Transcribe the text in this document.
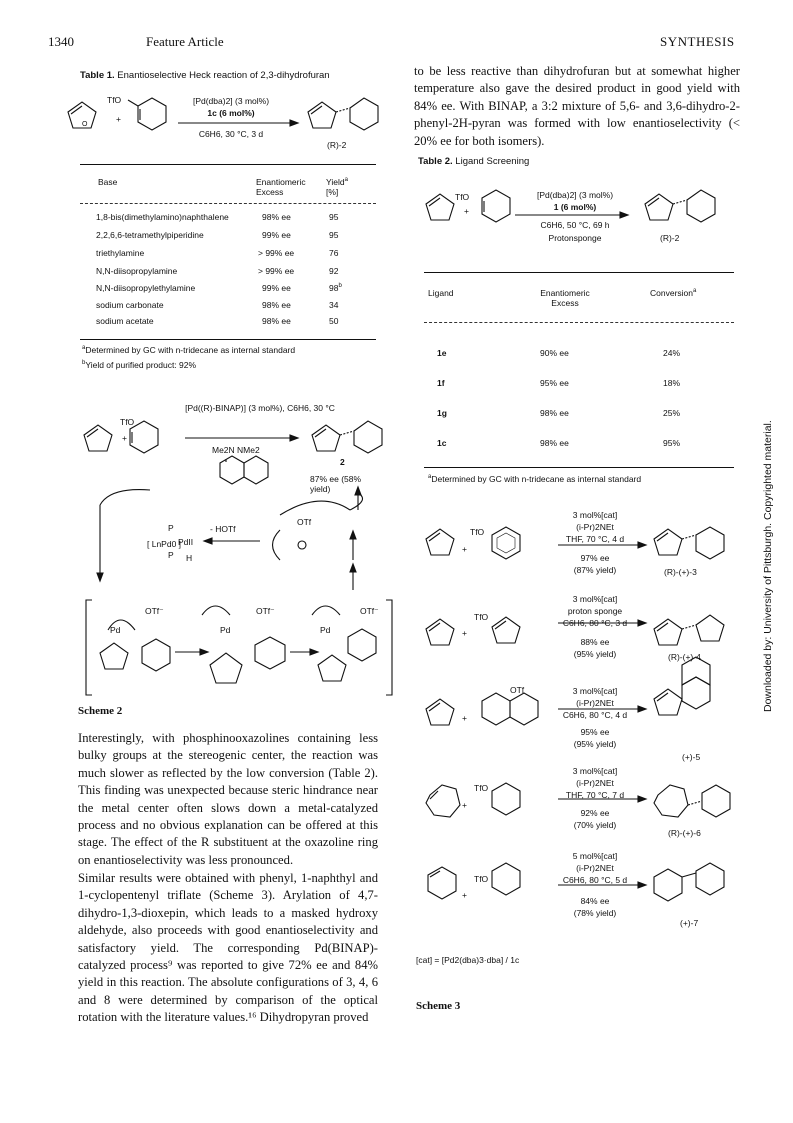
1340	Feature Article	SYNTHESIS
Table 1. Enantioselective Heck reaction of 2,3-dihydrofuran
O
TfO
+
[Pd(dba)2] (3 mol%)
1c (6 mol%)
C6H6, 30 °C, 3 d
(R)-2
Base	Enantiomeric
Excess
Yield$^a$
[%]
1,8-bis(dimethylamino)naphthalene	98% ee	95
2,2,6,6-tetramethylpiperidine	99% ee	95
triethylamine	> 99% ee	76
N,N-diisopropylamine	> 99% ee	92
N,N-diisopropylethylamine	99% ee	98$^b$
sodium carbonate	98% ee	34
sodium acetate	98% ee	50
$^a$Determined by GC with n-tridecane as internal standard
$^b$Yield of purified product: 92%
[Pd((R)-BINAP)] (3 mol%), C6H6, 30 °C
TfO
+
Me2N NMe2
2
87% ee (58%
yield)
- HOTf
[ LnPd0 ]
OTf
P
P
PdII
H
OTf⁻	OTf⁻	OTf⁻
Pd	Pd	Pd
Scheme 2
Interestingly, with phosphinooxazolines containing less bulky groups at the stereogenic center, the reaction was much slower as reflected by the low conversion (Table 2). This finding was unexpected because steric hindrance near the metal center often slows down a metal-catalyzed process and no obvious explanation can be offered at this stage. The effect of the R substituent at the oxazoline ring on enantioselectivity was less pronounced.
Similar results were obtained with phenyl, 1-naphthyl and 1-cyclopentenyl triflate (Scheme 3). Arylation of 4,7-dihydro-1,3-dioxepin, which leads to a masked hydroxy aldehyde, also proceeds with good enantioselectivity and satisfactory yield. The corresponding Pd(BINAP)-catalyzed process⁹ was reported to give 72% ee and 84% yield in this reaction. The absolute configurations of 3, 4, 6 and 8 were determined by comparison of the optical rotation with the literature values.¹⁶ Dihydropyran proved
to be less reactive than dihydrofuran but at somewhat higher temperature also gave the desired product in good yield with 84% ee. With BINAP, a 3:2 mixture of 5,6- and 3,6-dihydro-2-phenyl-2H-pyran was formed with low enantioselectivity (< 20% ee for both isomers).
Table 2. Ligand Screening
TfO
+
[Pd(dba)2] (3 mol%)
1 (6 mol%)
C6H6, 50 °C, 69 h
Protonsponge	(R)-2
Ligand	Enantiomeric
Excess
Conversion$^a$
1e	90% ee	24%
1f	95% ee	18%
1g	98% ee	25%
1c	98% ee	95%
$^a$Determined by GC with n-tridecane as internal standard
TfO
+
3 mol%[cat]
(i-Pr)2NEt
THF, 70 °C, 4 d
97% ee
(87% yield)	(R)-(+)-3
TfO
+
3 mol%[cat]
proton sponge
C6H6, 80 °C, 3 d
88% ee
(95% yield)	(R)-(+)-4
OTf
+
3 mol%[cat]
(i-Pr)2NEt
C6H6, 80 °C, 4 d
95% ee
(95% yield)
(+)-5
TfO
+
3 mol%[cat]
(i-Pr)2NEt
THF, 70 °C, 7 d
92% ee
(70% yield)
(R)-(+)-6
TfO
+
5 mol%[cat]
(i-Pr)2NEt
C6H6, 80 °C, 5 d
84% ee
(78% yield)
(+)-7
[cat] = [Pd2(dba)3·dba] / 1c
Scheme 3
Downloaded by: University of Pittsburgh. Copyrighted material.
